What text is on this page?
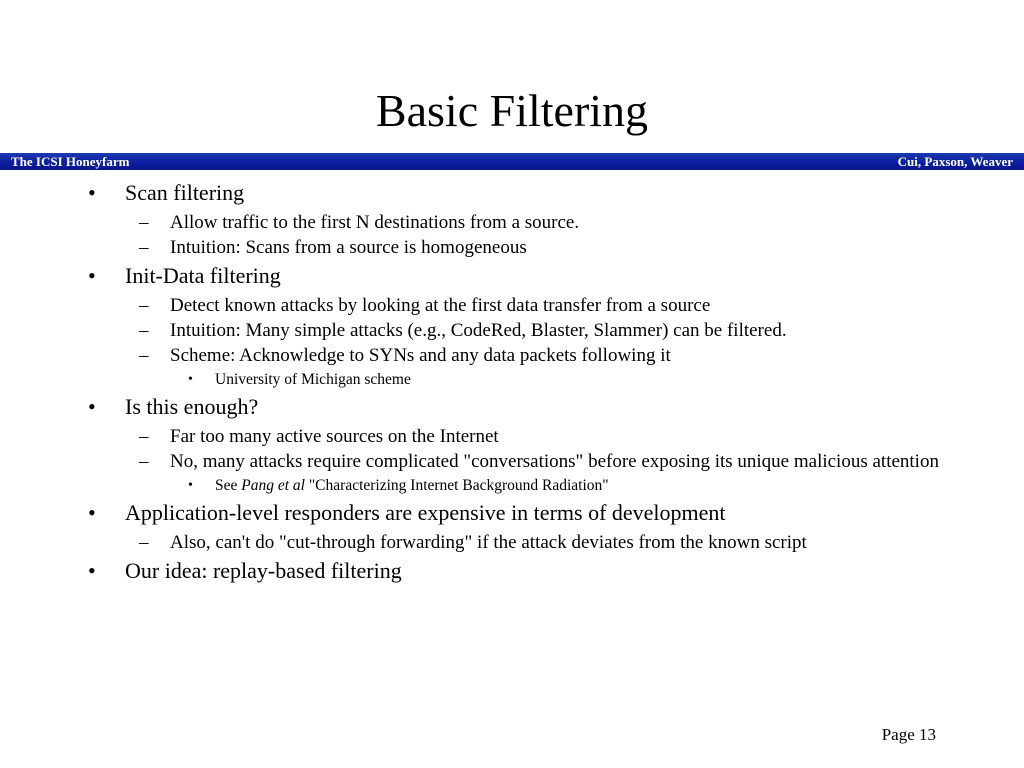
Basic Filtering
The ICSI Honeyfarm	Cui, Paxson, Weaver
• Scan filtering
– Allow traffic to the first N destinations from a source.
– Intuition: Scans from a source is homogeneous
• Init-Data filtering
– Detect known attacks by looking at the first data transfer from a source
– Intuition: Many simple attacks (e.g., CodeRed, Blaster, Slammer) can be filtered.
– Scheme: Acknowledge to SYNs and any data packets following it
• University of Michigan scheme
• Is this enough?
– Far too many active sources on the Internet
– No, many attacks require complicated "conversations" before exposing its unique malicious attention
• See Pang et al "Characterizing Internet Background Radiation"
• Application-level responders are expensive in terms of development
– Also, can't do "cut-through forwarding" if the attack deviates from the known script
• Our idea: replay-based filtering
Page 13
